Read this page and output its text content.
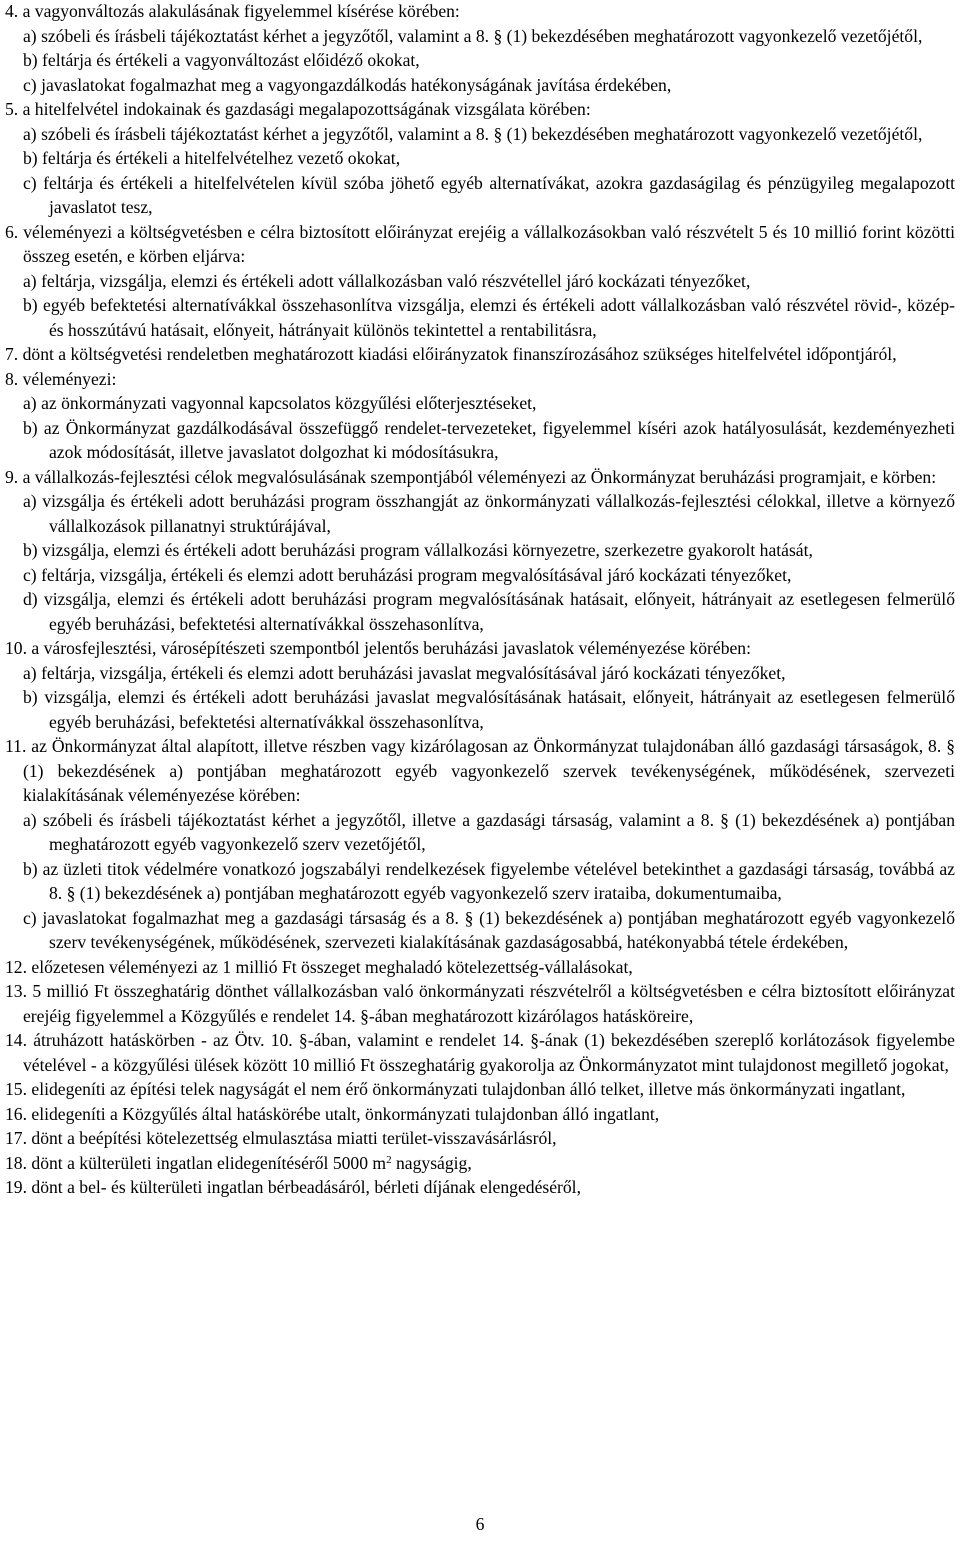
4. a vagyonváltozás alakulásának figyelemmel kísérése körében:

a) szóbeli és írásbeli tájékoztatást kérhet a jegyzőtől, valamint a 8. § (1) bekezdésében meghatározott vagyonkezelő vezetőjétől,

b) feltárja és értékeli a vagyonváltozást előidéző okokat,

c) javaslatokat fogalmazhat meg a vagyongazdálkodás hatékonyságának javítása érdekében,

5. a hitelfelvétel indokainak és gazdasági megalapozottságának vizsgálata körében:

a) szóbeli és írásbeli tájékoztatást kérhet a jegyzőtől, valamint a 8. § (1) bekezdésében meghatározott vagyonkezelő vezetőjétől,

b) feltárja és értékeli a hitelfelvételhez vezető okokat,

c) feltárja és értékeli a hitelfelvételen kívül szóba jöhető egyéb alternatívákat, azokra gazdaságilag és pénzügyileg megalapozott javaslatot tesz,

6. véleményezi a költségvetésben e célra biztosított előirányzat erejéig a vállalkozásokban való részvételt 5 és 10 millió forint közötti összeg esetén, e körben eljárva:

a) feltárja, vizsgálja, elemzi és értékeli adott vállalkozásban való részvétellel járó kockázati tényezőket,

b) egyéb befektetési alternatívákkal összehasonlítva vizsgálja, elemzi és értékeli adott vállalkozásban való részvétel rövid-, közép- és hosszútávú hatásait, előnyeit, hátrányait különös tekintettel a rentabilitásra,

7. dönt a költségvetési rendeletben meghatározott kiadási előirányzatok finanszírozásához szükséges hitelfelvétel időpontjáról,

8. véleményezi:

a) az önkormányzati vagyonnal kapcsolatos közgyűlési előterjesztéseket,

b) az Önkormányzat gazdálkodásával összefüggő rendelet-tervezeteket, figyelemmel kíséri azok hatályosulását, kezdeményezheti azok módosítását, illetve javaslatot dolgozhat ki módosításukra,

9. a vállalkozás-fejlesztési célok megvalósulásának szempontjából véleményezi az Önkormányzat beruházási programjait, e körben:

a) vizsgálja és értékeli adott beruházási program összhangját az önkormányzati vállalkozás-fejlesztési célokkal, illetve a környező vállalkozások pillanatnyi struktúrájával,

b) vizsgálja, elemzi és értékeli adott beruházási program vállalkozási környezetre, szerkezetre gyakorolt hatását,

c) feltárja, vizsgálja, értékeli és elemzi adott beruházási program megvalósításával járó kockázati tényezőket,

d) vizsgálja, elemzi és értékeli adott beruházási program megvalósításának hatásait, előnyeit, hátrányait az esetlegesen felmerülő egyéb beruházási, befektetési alternatívákkal összehasonlítva,

10. a városfejlesztési, városépítészeti szempontból jelentős beruházási javaslatok véleményezése körében:

a) feltárja, vizsgálja, értékeli és elemzi adott beruházási javaslat megvalósításával járó kockázati tényezőket,

b) vizsgálja, elemzi és értékeli adott beruházási javaslat megvalósításának hatásait, előnyeit, hátrányait az esetlegesen felmerülő egyéb beruházási, befektetési alternatívákkal összehasonlítva,

11. az Önkormányzat által alapított, illetve részben vagy kizárólagosan az Önkormányzat tulajdonában álló gazdasági társaságok, 8. § (1) bekezdésének a) pontjában meghatározott egyéb vagyonkezelő szervek tevékenységének, működésének, szervezeti kialakításának véleményezése körében:

a) szóbeli és írásbeli tájékoztatást kérhet a jegyzőtől, illetve a gazdasági társaság, valamint a 8. § (1) bekezdésének a) pontjában meghatározott egyéb vagyonkezelő szerv vezetőjétől,

b) az üzleti titok védelmére vonatkozó jogszabályi rendelkezések figyelembe vételével betekinthet a gazdasági társaság, továbbá az 8. § (1) bekezdésének a) pontjában meghatározott egyéb vagyonkezelő szerv irataiba, dokumentumaiba,

c) javaslatokat fogalmazhat meg a gazdasági társaság és a 8. § (1) bekezdésének a) pontjában meghatározott egyéb vagyonkezelő szerv tevékenységének, működésének, szervezeti kialakításának gazdaságosabbá, hatékonyabbá tétele érdekében,

12. előzetesen véleményezi az 1 millió Ft összeget meghaladó kötelezettség-vállalásokat,

13. 5 millió Ft összeghatárig dönthet vállalkozásban való önkormányzati részvételről a költségvetésben e célra biztosított előirányzat erejéig figyelemmel a Közgyűlés e rendelet 14. §-ában meghatározott kizárólagos hatásköreire,

14. átruházott hatáskörben - az Ötv. 10. §-ában, valamint e rendelet 14. §-ának (1) bekezdésében szereplő korlátozások figyelembe vételével - a közgyűlési ülések között 10 millió Ft összeghatárig gyakorolja az Önkormányzatot mint tulajdonost megillető jogokat,

15. elidegeníti az építési telek nagyságát el nem érő önkormányzati tulajdonban álló telket, illetve más önkormányzati ingatlant,

16. elidegeníti a Közgyűlés által hatáskörébe utalt, önkormányzati tulajdonban álló ingatlant,

17. dönt a beépítési kötelezettség elmulasztása miatti terület-visszavásárlásról,

18. dönt a külterületi ingatlan elidegenítéséről 5000 $m^2$ nagyságig,

19. dönt a bel- és külterületi ingatlan bérbeadásáról, bérleti díjának elengedéséről,

6
